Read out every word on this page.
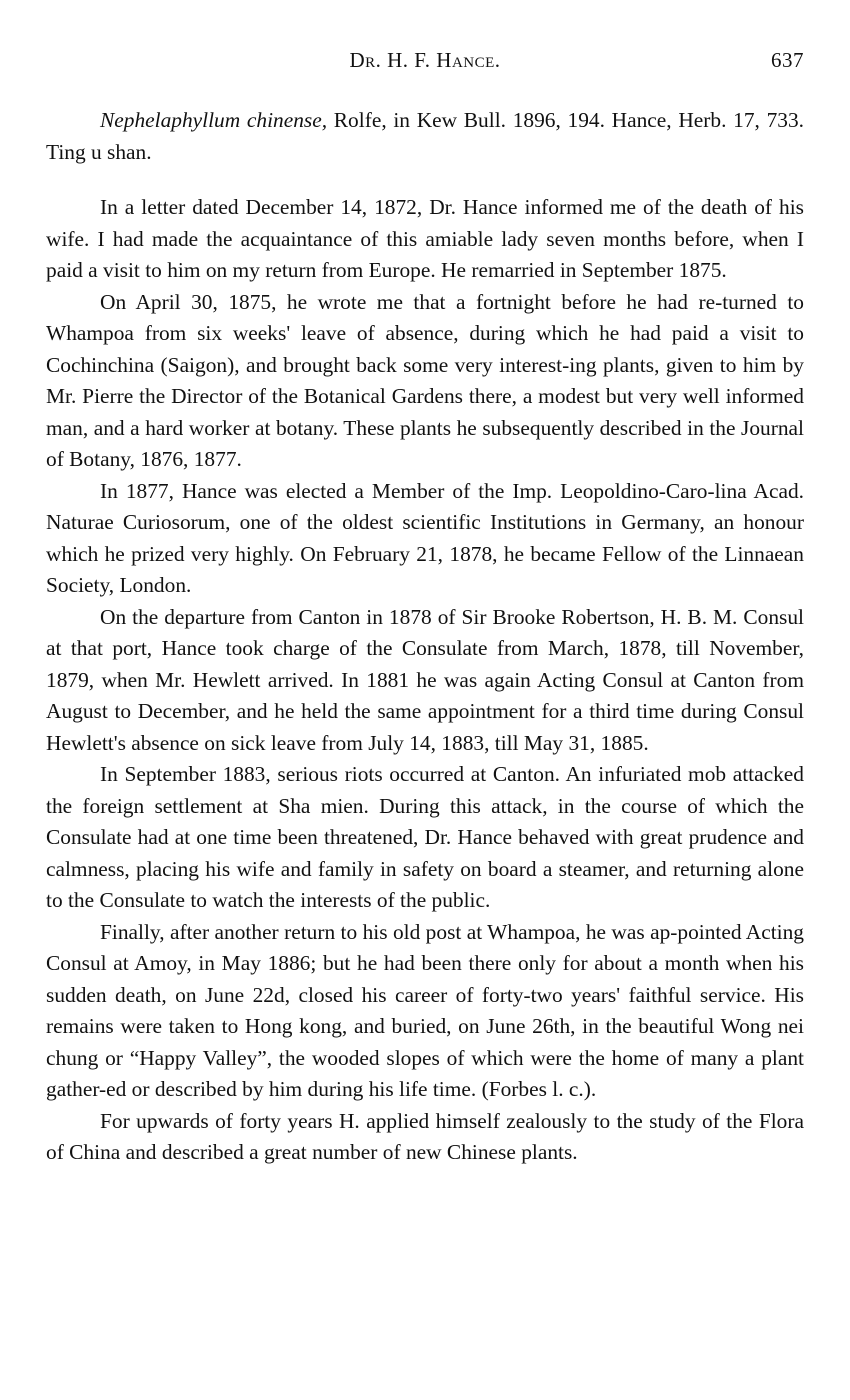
Dr. H. F. Hance.	637

Nephelaphyllum chinense, Rolfe, in Kew Bull. 1896, 194. Hance, Herb. 17, 733. Ting u shan.

In a letter dated December 14, 1872, Dr. Hance informed me of the death of his wife. I had made the acquaintance of this amiable lady seven months before, when I paid a visit to him on my return from Europe. He remarried in September 1875.

On April 30, 1875, he wrote me that a fortnight before he had re-turned to Whampoa from six weeks' leave of absence, during which he had paid a visit to Cochinchina (Saigon), and brought back some very interest-ing plants, given to him by Mr. Pierre the Director of the Botanical Gardens there, a modest but very well informed man, and a hard worker at botany. These plants he subsequently described in the Journal of Botany, 1876, 1877.

In 1877, Hance was elected a Member of the Imp. Leopoldino-Caro-lina Acad. Naturae Curiosorum, one of the oldest scientific Institutions in Germany, an honour which he prized very highly. On February 21, 1878, he became Fellow of the Linnaean Society, London.

On the departure from Canton in 1878 of Sir Brooke Robertson, H. B. M. Consul at that port, Hance took charge of the Consulate from March, 1878, till November, 1879, when Mr. Hewlett arrived. In 1881 he was again Acting Consul at Canton from August to December, and he held the same appointment for a third time during Consul Hewlett's absence on sick leave from July 14, 1883, till May 31, 1885.

In September 1883, serious riots occurred at Canton. An infuriated mob attacked the foreign settlement at Sha mien. During this attack, in the course of which the Consulate had at one time been threatened, Dr. Hance behaved with great prudence and calmness, placing his wife and family in safety on board a steamer, and returning alone to the Consulate to watch the interests of the public.

Finally, after another return to his old post at Whampoa, he was ap-pointed Acting Consul at Amoy, in May 1886; but he had been there only for about a month when his sudden death, on June 22d, closed his career of forty-two years' faithful service. His remains were taken to Hong kong, and buried, on June 26th, in the beautiful Wong nei chung or “Happy Valley”, the wooded slopes of which were the home of many a plant gather-ed or described by him during his life time. (Forbes l. c.).

For upwards of forty years H. applied himself zealously to the study of the Flora of China and described a great number of new Chinese plants.
